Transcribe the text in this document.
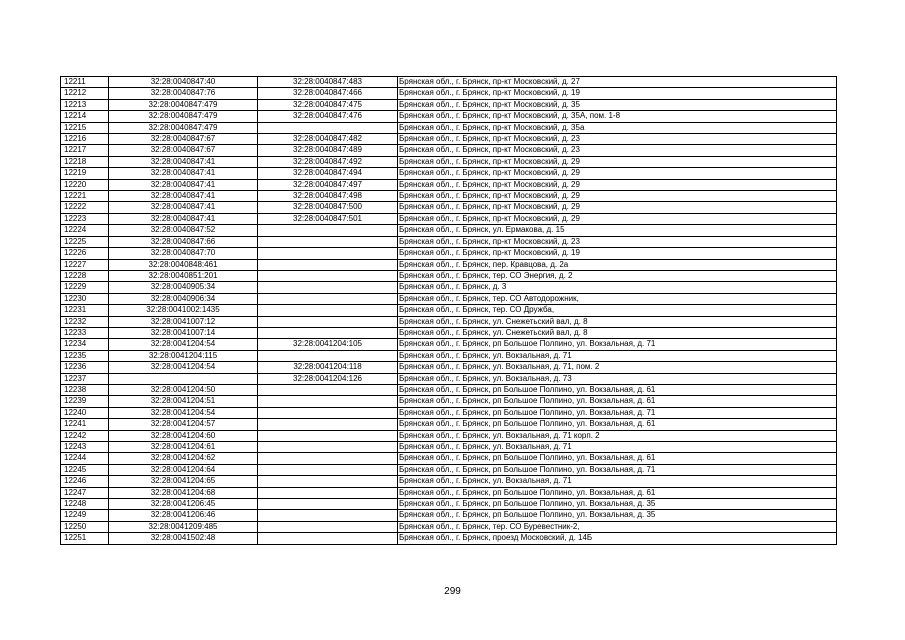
12211	32:28:0040847:40	32:28:0040847:483	Брянская обл., г. Брянск, пр-кт Московский, д. 27
12212	32:28:0040847:76	32:28:0040847:466	Брянская обл., г. Брянск, пр-кт Московский, д. 19
12213	32:28:0040847:479	32:28:0040847:475	Брянская обл., г. Брянск, пр-кт Московский, д. 35
12214	32:28:0040847:479	32:28:0040847:476	Брянская обл., г. Брянск, пр-кт Московский, д. 35А, пом. 1-8
12215	32:28:0040847:479		Брянская обл., г. Брянск, пр-кт Московский, д. 35а
12216	32:28:0040847:67	32:28:0040847:482	Брянская обл., г. Брянск, пр-кт Московский, д. 23
12217	32:28:0040847:67	32:28:0040847:489	Брянская обл., г. Брянск, пр-кт Московский, д. 23
12218	32:28:0040847:41	32:28:0040847:492	Брянская обл., г. Брянск, пр-кт Московский, д. 29
12219	32:28:0040847:41	32:28:0040847:494	Брянская обл., г. Брянск, пр-кт Московский, д. 29
12220	32:28:0040847:41	32:28:0040847:497	Брянская обл., г. Брянск, пр-кт Московский, д. 29
12221	32:28:0040847:41	32:28:0040847:498	Брянская обл., г. Брянск, пр-кт Московский, д. 29
12222	32:28:0040847:41	32:28:0040847:500	Брянская обл., г. Брянск, пр-кт Московский, д. 29
12223	32:28:0040847:41	32:28:0040847:501	Брянская обл., г. Брянск, пр-кт Московский, д. 29
12224	32:28:0040847:52		Брянская обл., г. Брянск, ул. Ермакова, д. 15
12225	32:28:0040847:66		Брянская обл., г. Брянск, пр-кт Московский, д. 23
12226	32:28:0040847:70		Брянская обл., г. Брянск, пр-кт Московский, д. 19
12227	32:28:0040848:461		Брянская обл., г. Брянск, пер. Кравцова, д. 2а
12228	32:28:0040851:201		Брянская обл., г. Брянск, тер. СО Энергия, д. 2
12229	32:28:0040905:34		Брянская обл., г. Брянск, д. 3
12230	32:28:0040906:34		Брянская обл., г. Брянск, тер. СО Автодорожник,
12231	32:28:0041002:1435		Брянская обл., г. Брянск, тер. СО Дружба,
12232	32:28:0041007:12		Брянская обл., г. Брянск, ул. Снежетьский вал, д. 8
12233	32:28:0041007:14		Брянская обл., г. Брянск, ул. Снежетьский вал, д. 8
12234	32:28:0041204:54	32:28:0041204:105	Брянская обл., г. Брянск, рп Большое Полпино, ул. Вокзальная, д. 71
12235	32:28:0041204:115		Брянская обл., г. Брянск, ул. Вокзальная, д. 71
12236	32:28:0041204:54	32:28:0041204:118	Брянская обл., г. Брянск, ул. Вокзальная, д. 71, пом. 2
12237		32:28:0041204:126	Брянская обл., г. Брянск, ул. Вокзальная, д. 73
12238	32:28:0041204:50		Брянская обл., г. Брянск, рп Большое Полпино, ул. Вокзальная, д. 61
12239	32:28:0041204:51		Брянская обл., г. Брянск, рп Большое Полпино, ул. Вокзальная, д. 61
12240	32:28:0041204:54		Брянская обл., г. Брянск, рп Большое Полпино, ул. Вокзальная, д. 71
12241	32:28:0041204:57		Брянская обл., г. Брянск, рп Большое Полпино, ул. Вокзальная, д. 61
12242	32:28:0041204:60		Брянская обл., г. Брянск, ул. Вокзальная, д. 71 корп. 2
12243	32:28:0041204:61		Брянская обл., г. Брянск, ул. Вокзальная, д. 71
12244	32:28:0041204:62		Брянская обл., г. Брянск, рп Большое Полпино, ул. Вокзальная, д. 61
12245	32:28:0041204:64		Брянская обл., г. Брянск, рп Большое Полпино, ул. Вокзальная, д. 71
12246	32:28:0041204:65		Брянская обл., г. Брянск, ул. Вокзальная, д. 71
12247	32:28:0041204:68		Брянская обл., г. Брянск, рп Большое Полпино, ул. Вокзальная, д. 61
12248	32:28:0041206:45		Брянская обл., г. Брянск, рп Большое Полпино, ул. Вокзальная, д. 35
12249	32:28:0041206:46		Брянская обл., г. Брянск, рп Большое Полпино, ул. Вокзальная, д. 35
12250	32:28:0041209:485		Брянская обл., г. Брянск, тер. СО Буревестник-2,
12251	32:28:0041502:48		Брянская обл., г. Брянск, проезд Московский, д. 14Б
299
